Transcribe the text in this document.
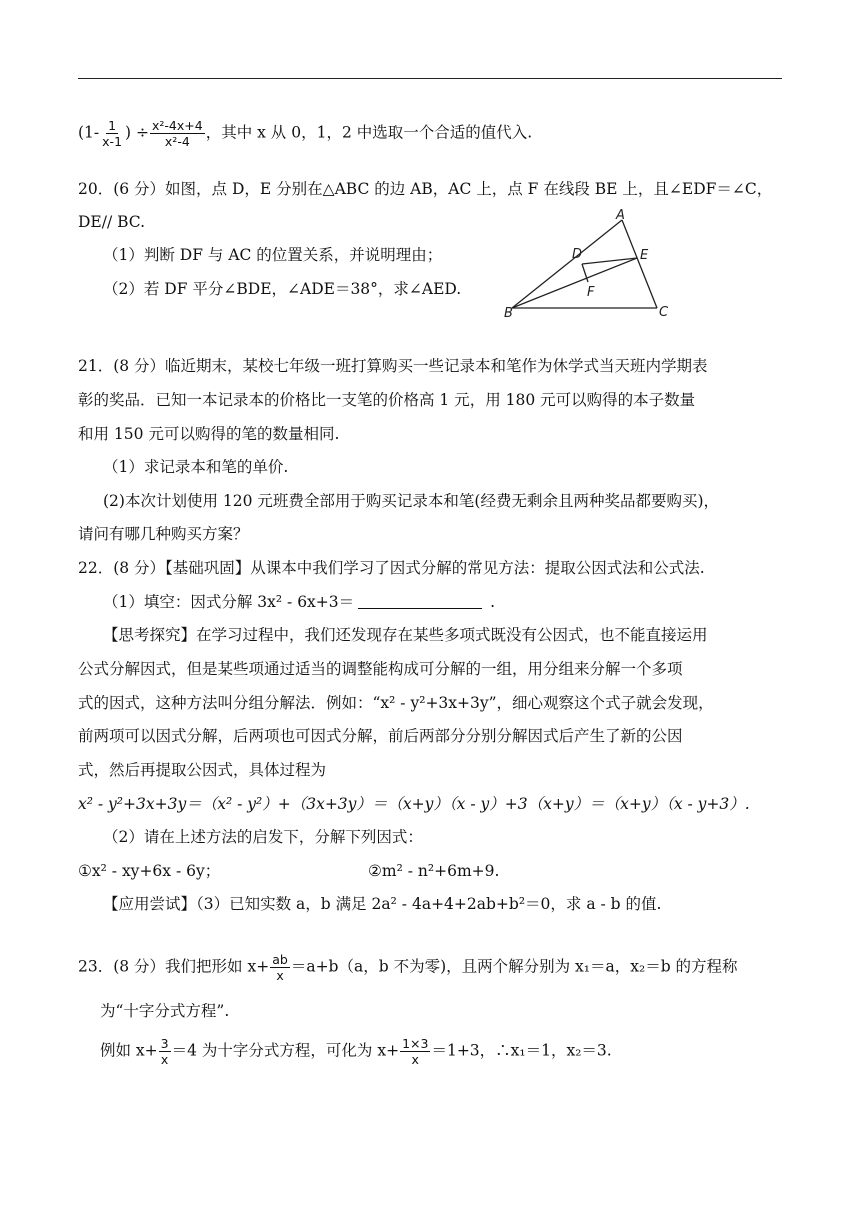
($1- \frac{1}{x-1}$ ) ÷ $\frac{\text{x²-4x+4}}{\text{x²-4}}$ ，其中 x 从 0，1，2 中选取一个合适的值代入.
20．(6 分）如图，点 D，E 分别在△ABC 的边 AB，AC 上，点 F 在线段 BE 上，且∠EDF＝∠C，
DE// BC.
（1）判断 DF 与 AC 的位置关系，并说明理由；
（2）若 DF 平分∠BDE，∠ADE＝38°，求∠AED.
A
B	C
D	E
F
21．(8 分）临近期末，某校七年级一班打算购买一些记录本和笔作为休学式当天班内学期表
彰的奖品．已知一本记录本的价格比一支笔的价格高 1 元，用 180 元可以购得的本子数量
和用 150 元可以购得的笔的数量相同.
（1）求记录本和笔的单价.
(2)本次计划使用 120 元班费全部用于购买记录本和笔(经费无剩余且两种奖品都要购买)，
请问有哪几种购买方案？
22．(8 分）【基础巩固】从课本中我们学习了因式分解的常见方法：提取公因式法和公式法.
（1）填空：因式分解 3x² - 6x+3＝	.
【思考探究】在学习过程中，我们还发现存在某些多项式既没有公因式，也不能直接运用
公式分解因式，但是某些项通过适当的调整能构成可分解的一组，用分组来分解一个多项
式的因式，这种方法叫分组分解法．例如：“x² - y²+3x+3y”，细心观察这个式子就会发现，
前两项可以因式分解，后两项也可因式分解，前后两部分分别分解因式后产生了新的公因
式，然后再提取公因式，具体过程为
x² - y²+3x+3y＝（x² - y²）+（3x+3y）＝（x+y）（x - y）+3（x+y）＝（x+y）（x - y+3）.
（2）请在上述方法的启发下，分解下列因式：
①x² - xy+6x - 6y；	②m² - n²+6m+9.
【应用尝试】（3）已知实数 a，b 满足 2a² - 4a+4+2ab+b²＝0，求 a - b 的值.
23．(8 分）我们把形如 $x+ \frac{ab}{x} =a+b(a$，b 不为零)，且两个解分别为 x₁＝a，x₂＝b 的方程称
为“十字分式方程”.
例如 $x+ \frac{3}{x} =4$ 为十字分式方程，可化为 $x+ \frac{1\times 3}{x} =1+3$，∴x₁＝1，x₂＝3.
